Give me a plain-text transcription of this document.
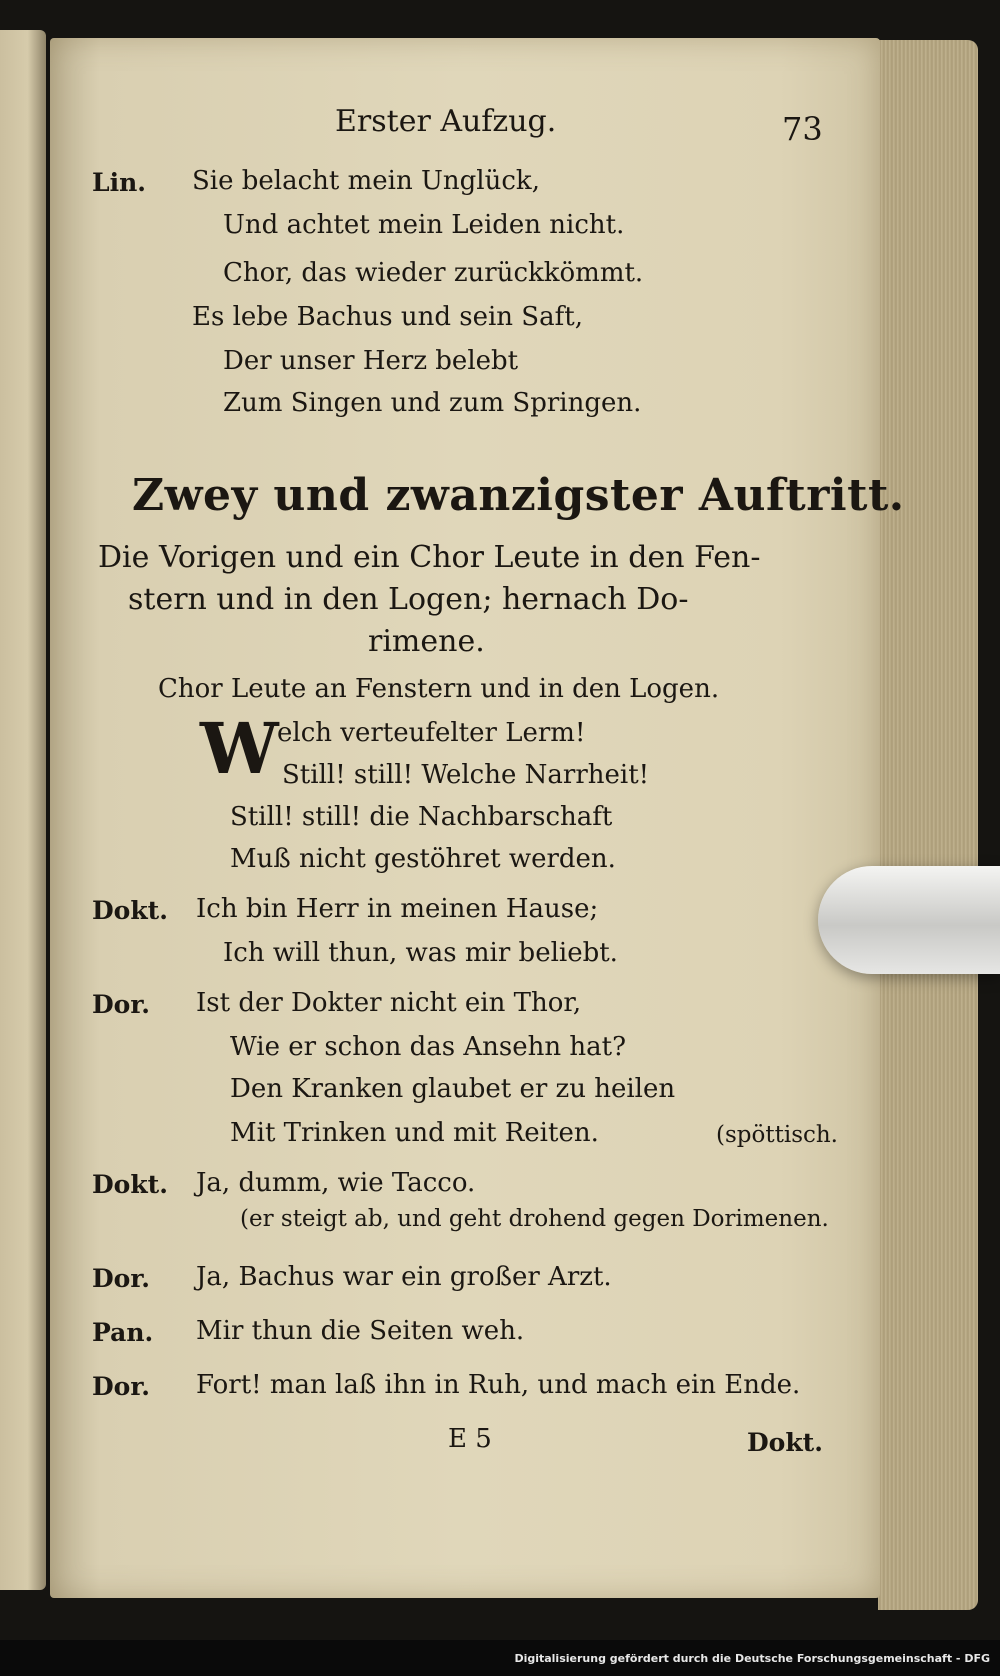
Erster Aufzug.	73
Lin. Sie belacht mein Unglück,
Und achtet mein Leiden nicht.
Chor, das wieder zurückkömmt.
Es lebe Bachus und sein Saft,
Der unser Herz belebt
Zum Singen und zum Springen.
Zwey und zwanzigster Auftritt.
Die Vorigen und ein Chor Leute in den Fen-
stern und in den Logen; hernach Do-
rimene.
Chor Leute an Fenstern und in den Logen.
W
elch verteufelter Lerm!
Still! still! Welche Narrheit!
Still! still! die Nachbarschaft
Muß nicht gestöhret werden.
Dokt. Ich bin Herr in meinen Hause;
Ich will thun, was mir beliebt.
Dor. Ist der Dokter nicht ein Thor,
Wie er schon das Ansehn hat?
Den Kranken glaubet er zu heilen
Mit Trinken und mit Reiten.	(spöttisch.
Dokt. Ja, dumm, wie Tacco.
(er steigt ab, und geht drohend gegen Dorimenen.
Dor. Ja, Bachus war ein großer Arzt.
Pan. Mir thun die Seiten weh.
Dor. Fort! man laß ihn in Ruh, und mach ein Ende.
E 5	Dokt.
Digitalisierung gefördert durch die Deutsche Forschungsgemeinschaft - DFG
